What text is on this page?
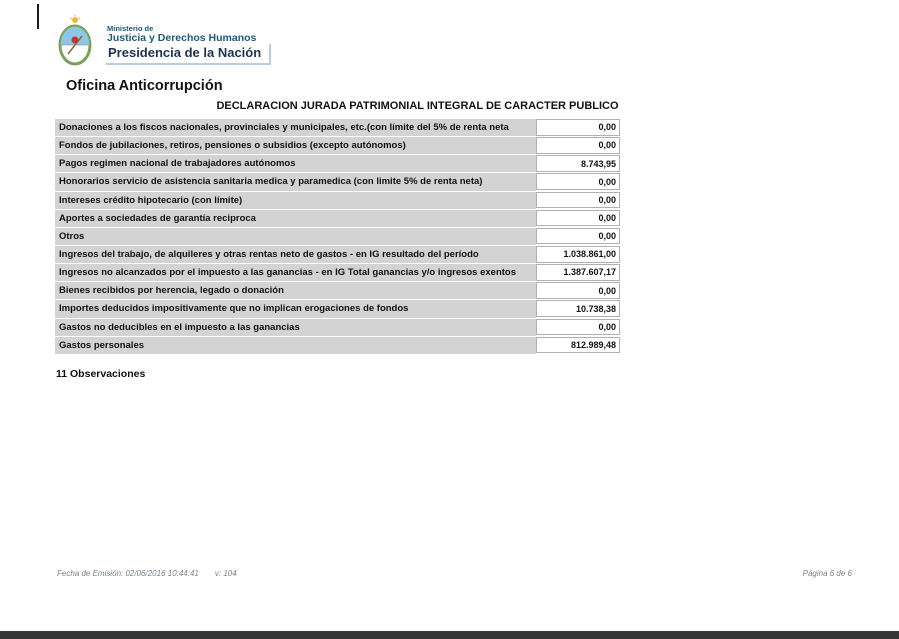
Ministerio de
Justicia y Derechos Humanos
Presidencia de la Nación
Oficina Anticorrupción
DECLARACION JURADA PATRIMONIAL INTEGRAL DE CARACTER PUBLICO
Donaciones a los fiscos nacionales, provinciales y municipales, etc.(con límite del 5% de renta neta	0,00
Fondos de jubilaciones, retiros, pensiones o subsidios (excepto autónomos)	0,00
Pagos regimen nacional de trabajadores autónomos	8.743,95
Honorarios servicio de asistencia sanitaria medica y paramedica (con limite 5% de renta neta)	0,00
Intereses crédito hipotecario (con límite)	0,00
Aportes a sociedades de garantía reciproca	0,00
Otros	0,00
Ingresos del trabajo, de alquileres y otras rentas neto de gastos - en IG resultado del período	1.038.861,00
Ingresos no alcanzados por el impuesto a las ganancias - en IG Total ganancias y/o ingresos exentos	1.387.607,17
Bienes recibidos por herencia, legado o donación	0,00
Importes deducidos impositivamente que no implican erogaciones de fondos	10.738,38
Gastos no deducibles en el impuesto a las ganancias	0,00
Gastos personales	812.989,48
11 Observaciones
Fecha de Emisión: 02/06/2016 10:44:41 v: 104	Página 6 de 6
